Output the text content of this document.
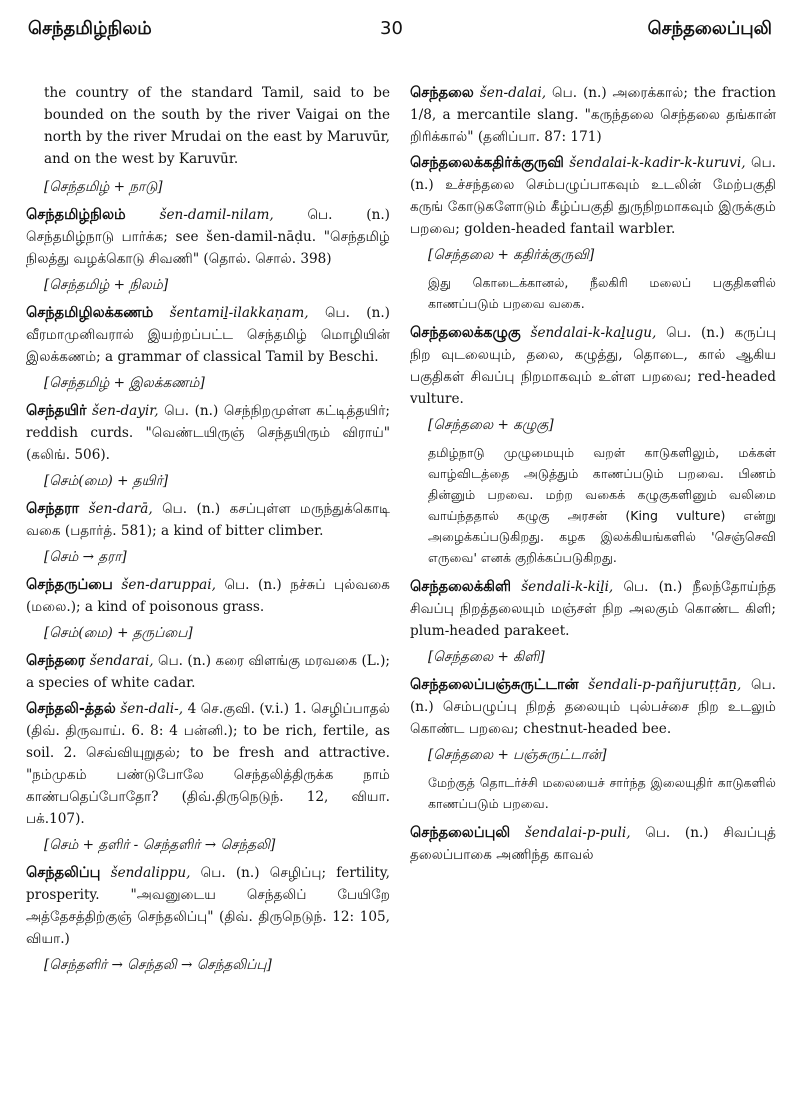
செந்தமிழ்நிலம்	30	செந்தலைப்புலி
the country of the standard Tamil, said to be bounded on the south by the river Vaigai on the north by the river Mrudai on the east by Maruvūr, and on the west by Karuvūr.
[செந்தமிழ் + நாடு]
செந்தமிழ்நிலம் šen-damil-nilam, பெ. (n.) செந்தமிழ்நாடு பார்க்க; see šen-damil-nāḍu. "செந்தமிழ் நிலத்து வழக்கொடு சிவணி" (தொல். சொல். 398)
[செந்தமிழ் + நிலம்]
செந்தமிழிலக்கணம் šentamiḻ-ilakkaṇam, பெ. (n.) வீரமாமுனிவரால் இயற்றப்பட்ட செந்தமிழ் மொழியின் இலக்கணம்; a grammar of classical Tamil by Beschi.
[செந்தமிழ் + இலக்கணம்]
செந்தயிர் šen-dayir, பெ. (n.) செந்நிறமுள்ள கட்டித்தயிர்; reddish curds. "வெண்டயிருஞ் செந்தயிரும் விராய்" (கலிங். 506).
[செம்(மை) + தயிர்]
செந்தரா šen-darā, பெ. (n.) கசப்புள்ள மருந்துக்கொடி வகை (பதார்த். 581); a kind of bitter climber.
[செம் → தரா]
செந்தருப்பை šen-daruppai, பெ. (n.) நச்சுப் புல்வகை (மலை.); a kind of poisonous grass.
[செம்(மை) + தருப்பை]
செந்தரை šendarai, பெ. (n.) கரை விளங்கு மரவகை (L.); a species of white cadar.
செந்தலி-த்தல் šen-dali-, 4 செ.குவி. (v.i.) 1. செழிப்பாதல் (திவ். திருவாய். 6. 8: 4 பன்னி.); to be rich, fertile, as soil. 2. செவ்வியுறுதல்; to be fresh and attractive. "நம்முகம் பண்டுபோலே செந்தலித்திருக்க நாம் காண்பதெப்போதோ? (திவ்.திருநெடுந். 12, வியா. பக்.107).
[செம் + தளிர் - செந்தளிர் → செந்தலி]
செந்தலிப்பு šendalippu, பெ. (n.) செழிப்பு; fertility, prosperity. "அவனுடைய செந்தலிப் பேயிறே அத்தேசத்திற்குஞ் செந்தலிப்பு" (திவ். திருநெடுந். 12: 105, வியா.)
[செந்தளிர் → செந்தலி → செந்தலிப்பு]
செந்தலை šen-dalai, பெ. (n.) அரைக்கால்; the fraction 1/8, a mercantile slang. "கருந்தலை செந்தலை தங்கான் றிரிக்கால்" (தனிப்பா. 87: 171)
செந்தலைக்கதிர்க்குருவி šendalai-k-kadir-k-kuruvi, பெ. (n.) உச்சந்தலை செம்பழுப்பாகவும் உடலின் மேற்பகுதி கருங் கோடுகளோடும் கீழ்ப்பகுதி துருநிறமாகவும் இருக்கும் பறவை; golden-headed fantail warbler.
[செந்தலை + கதிர்க்குருவி]
இது கொடைக்கானல், நீலகிரி மலைப் பகுதிகளில் காணப்படும் பறவை வகை.
செந்தலைக்கழுகு šendalai-k-kaḻugu, பெ. (n.) கருப்பு நிற வுடலையும், தலை, கழுத்து, தொடை, கால் ஆகிய பகுதிகள் சிவப்பு நிறமாகவும் உள்ள பறவை; red-headed vulture.
[செந்தலை + கழுகு]
தமிழ்நாடு முழுமையும் வறள் காடுகளிலும், மக்கள் வாழ்விடத்தை அடுத்தும் காணப்படும் பறவை. பிணம் தின்னும் பறவை. மற்ற வகைக் கழுகுகளினும் வலிமை வாய்ந்ததால் கழுகு அரசன் (King vulture) என்று அழைக்கப்படுகிறது. கழக இலக்கியங்களில் 'செஞ்செவி எருவை' எனக் குறிக்கப்படுகிறது.
செந்தலைக்கிளி šendali-k-kiḻi, பெ. (n.) நீலந்தோய்ந்த சிவப்பு நிறத்தலையும் மஞ்சள் நிற அலகும் கொண்ட கிளி; plum-headed parakeet.
[செந்தலை + கிளி]
செந்தலைப்பஞ்சுருட்டான் šendali-p-pañjuruṭṭāṉ, பெ. (n.) செம்பழுப்பு நிறத் தலையும் புல்பச்சை நிற உடலும் கொண்ட பறவை; chestnut-headed bee.
[செந்தலை + பஞ்சுருட்டான்]
மேற்குத் தொடர்ச்சி மலையைச் சார்ந்த இலையுதிர் காடுகளில் காணப்படும் பறவை.
செந்தலைப்புலி šendalai-p-puli, பெ. (n.) சிவப்புத் தலைப்பாகை அணிந்த காவல்
